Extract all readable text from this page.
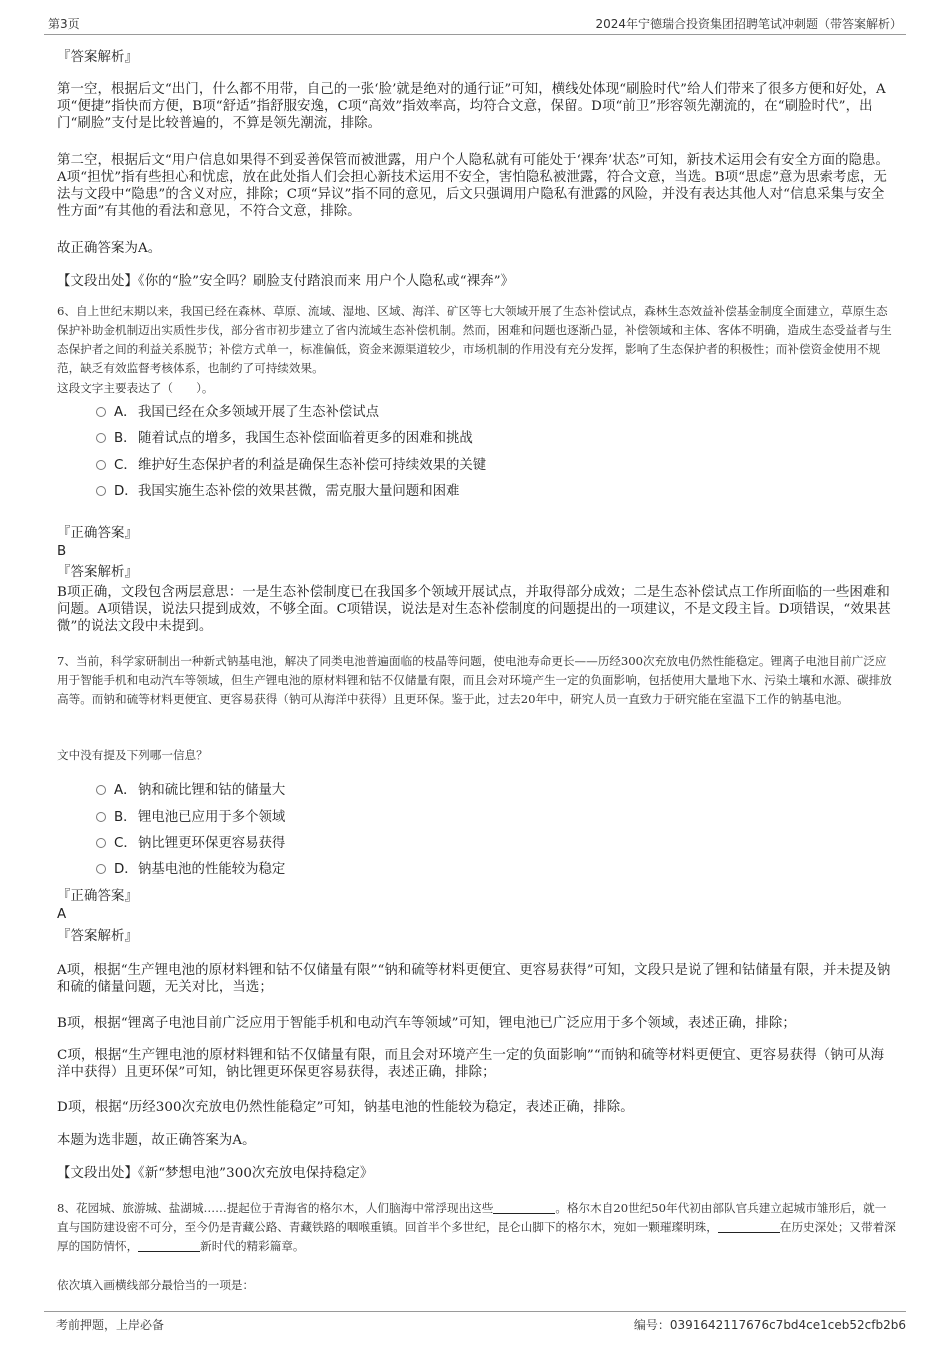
第3页	2024年宁德瑞合投资集团招聘笔试冲刺题（带答案解析）
『答案解析』
第一空，根据后文“出门，什么都不用带，自己的一张‘脸’就是绝对的通行证”可知，横线处体现“刷脸时代”给人们带来了很多方便和好处，A项“便捷”指快而方便，B项“舒适”指舒服安逸，C项“高效”指效率高，均符合文意，保留。D项“前卫”形容领先潮流的，在“刷脸时代”，出门“刷脸”支付是比较普遍的，不算是领先潮流，排除。
第二空，根据后文“用户信息如果得不到妥善保管而被泄露，用户个人隐私就有可能处于‘裸奔’状态”可知，新技术运用会有安全方面的隐患。A项“担忧”指有些担心和忧虑，放在此处指人们会担心新技术运用不安全，害怕隐私被泄露，符合文意，当选。B项“思虑”意为思索考虑，无法与文段中“隐患”的含义对应，排除；C项“异议”指不同的意见，后文只强调用户隐私有泄露的风险，并没有表达其他人对“信息采集与安全性方面”有其他的看法和意见，不符合文意，排除。
故正确答案为A。
【文段出处】《你的“脸”安全吗？刷脸支付踏浪而来 用户个人隐私或“裸奔”》
6、自上世纪末期以来，我国已经在森林、草原、流域、湿地、区域、海洋、矿区等七大领域开展了生态补偿试点，森林生态效益补偿基金制度全面建立，草原生态保护补助金机制迈出实质性步伐，部分省市初步建立了省内流域生态补偿机制。然而，困难和问题也逐渐凸显，补偿领域和主体、客体不明确，造成生态受益者与生态保护者之间的利益关系脱节；补偿方式单一，标准偏低，资金来源渠道较少，市场机制的作用没有充分发挥，影响了生态保护者的积极性；而补偿资金使用不规范，缺乏有效监督考核体系，也制约了可持续效果。
这段文字主要表达了（　　）。
A．我国已经在众多领域开展了生态补偿试点
B．随着试点的增多，我国生态补偿面临着更多的困难和挑战
C．维护好生态保护者的利益是确保生态补偿可持续效果的关键
D．我国实施生态补偿的效果甚微，需克服大量问题和困难
『正确答案』
B
『答案解析』
B项正确，文段包含两层意思：一是生态补偿制度已在我国多个领域开展试点，并取得部分成效；二是生态补偿试点工作所面临的一些困难和问题。A项错误，说法只提到成效，不够全面。C项错误，说法是对生态补偿制度的问题提出的一项建议，不是文段主旨。D项错误，“效果甚微”的说法文段中未提到。
7、当前，科学家研制出一种新式钠基电池，解决了同类电池普遍面临的枝晶等问题，使电池寿命更长——历经300次充放电仍然性能稳定。锂离子电池目前广泛应用于智能手机和电动汽车等领域，但生产锂电池的原材料锂和钴不仅储量有限，而且会对环境产生一定的负面影响，包括使用大量地下水、污染土壤和水源、碳排放高等。而钠和硫等材料更便宜、更容易获得（钠可从海洋中获得）且更环保。鉴于此，过去20年中，研究人员一直致力于研究能在室温下工作的钠基电池。
文中没有提及下列哪一信息？
A．钠和硫比锂和钴的储量大
B．锂电池已应用于多个领域
C．钠比锂更环保更容易获得
D．钠基电池的性能较为稳定
『正确答案』
A
『答案解析』
A项，根据“生产锂电池的原材料锂和钴不仅储量有限”“钠和硫等材料更便宜、更容易获得”可知，文段只是说了锂和钴储量有限，并未提及钠和硫的储量问题，无关对比，当选；
B项，根据“锂离子电池目前广泛应用于智能手机和电动汽车等领域”可知，锂电池已广泛应用于多个领域，表述正确，排除；
C项，根据“生产锂电池的原材料锂和钴不仅储量有限，而且会对环境产生一定的负面影响”“而钠和硫等材料更便宜、更容易获得（钠可从海洋中获得）且更环保”可知，钠比锂更环保更容易获得，表述正确，排除；
D项，根据“历经300次充放电仍然性能稳定”可知，钠基电池的性能较为稳定，表述正确，排除。
本题为选非题，故正确答案为A。
【文段出处】《新“梦想电池”300次充放电保持稳定》
8、花园城、旅游城、盐湖城……提起位于青海省的格尔木，人们脑海中常浮现出这些	。格尔木自20世纪50年代初由部队官兵建立起城市雏形后，就一直与国防建设密不可分，至今仍是青藏公路、青藏铁路的咽喉重镇。回首半个多世纪，昆仑山脚下的格尔木，宛如一颗璀璨明珠，	在历史深处；又带着深厚的国防情怀，	新时代的精彩篇章。
依次填入画横线部分最恰当的一项是：
考前押题，上岸必备	编号：0391642117676c7bd4ce1ceb52cfb2b6
